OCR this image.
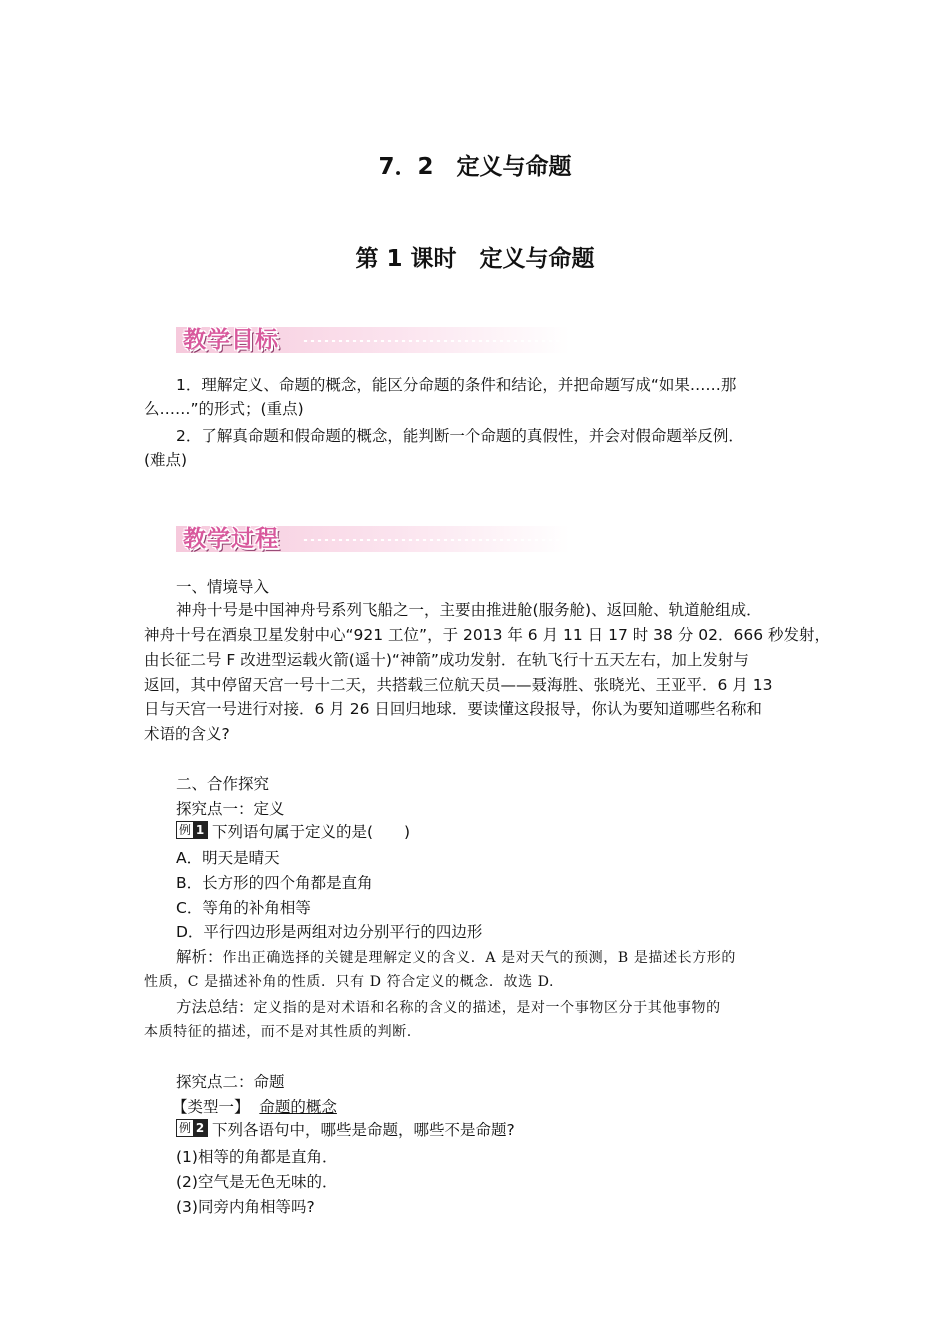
7．2　定义与命题
第 1 课时　定义与命题
教学目标
1．理解定义、命题的概念，能区分命题的条件和结论，并把命题写成“如果……那
么……”的形式；(重点)
2．了解真命题和假命题的概念，能判断一个命题的真假性，并会对假命题举反例．
(难点)
教学过程
一、情境导入
神舟十号是中国神舟号系列飞船之一，主要由推进舱(服务舱)、返回舱、轨道舱组成．
神舟十号在酒泉卫星发射中心“921 工位”，于 2013 年 6 月 11 日 17 时 38 分 02．666 秒发射，
由长征二号 F 改进型运载火箭(遥十)“神箭”成功发射．在轨飞行十五天左右，加上发射与
返回，其中停留天宫一号十二天，共搭载三位航天员——聂海胜、张晓光、王亚平．6 月 13
日与天宫一号进行对接．6 月 26 日回归地球．要读懂这段报导，你认为要知道哪些名称和
术语的含义?
二、合作探究
探究点一：定义
例 1 下列语句属于定义的是(　　)
A．明天是晴天
B．长方形的四个角都是直角
C．等角的补角相等
D．平行四边形是两组对边分别平行的四边形
解析：作出正确选择的关键是理解定义的含义．A 是对天气的预测，B 是描述长方形的
性质，C 是描述补角的性质．只有 D 符合定义的概念．故选 D.
方法总结：定义指的是对术语和名称的含义的描述，是对一个事物区分于其他事物的
本质特征的描述，而不是对其性质的判断.
探究点二：命题
【类型一】 命题的概念
例 2 下列各语句中，哪些是命题，哪些不是命题?
(1)相等的角都是直角．
(2)空气是无色无味的．
(3)同旁内角相等吗?
